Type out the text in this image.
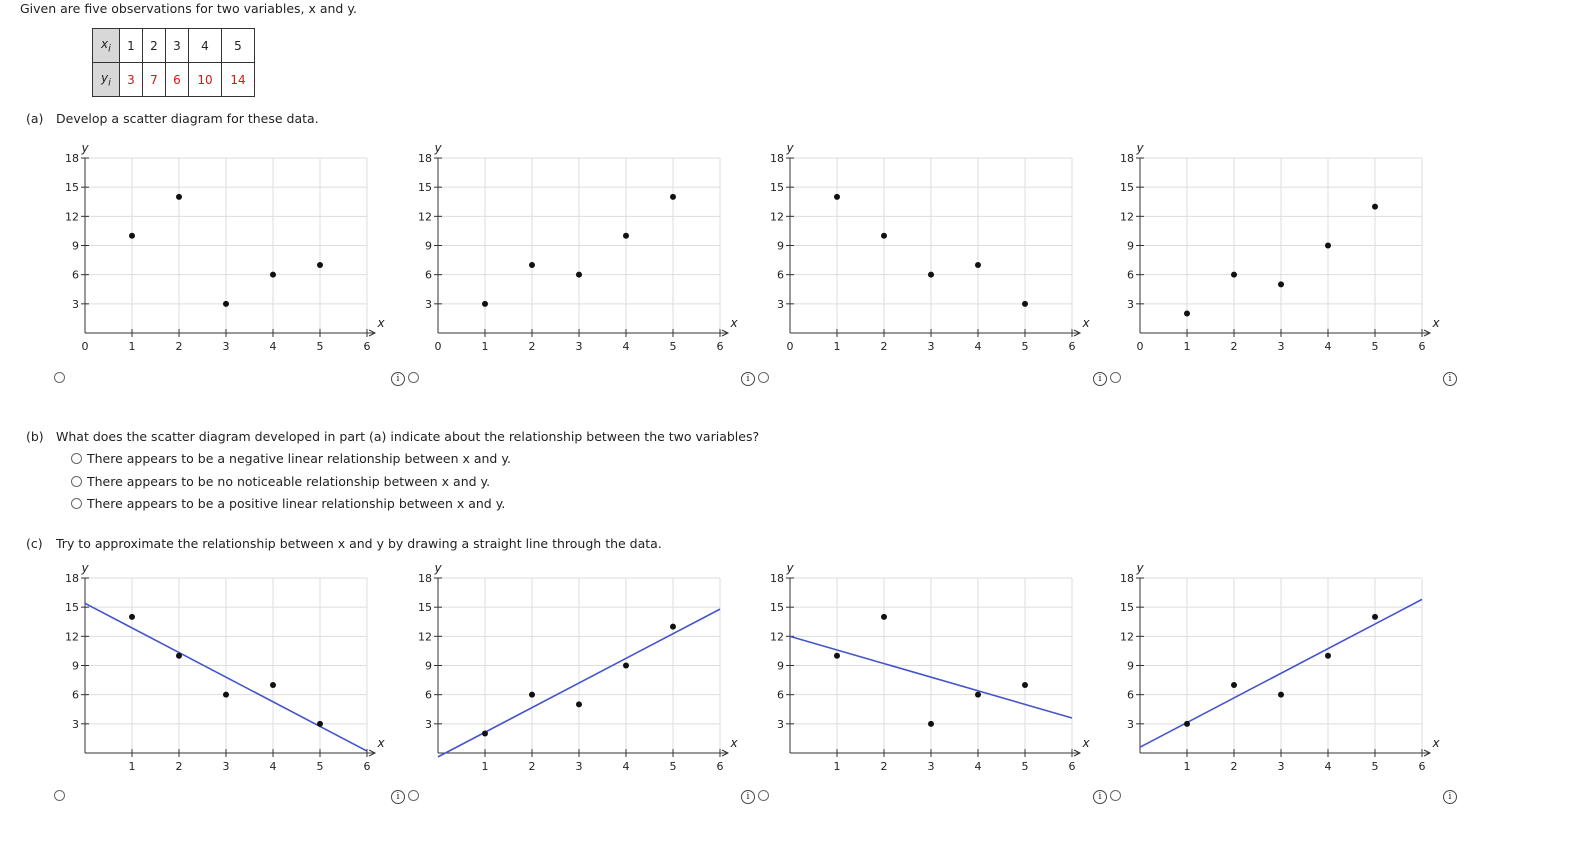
Given are five observations for two variables, x and y.
$x_i$	1	2	3	4	5
$y_i$	3	7	6	10	14
(a) Develop a scatter diagram for these data.
3
6
9
12
15
18
0	1	2	3	4	5	6
y
x
3
6
9
12
15
18
0	1	2	3	4	5	6
y
x
3
6
9
12
15
18
0	1	2	3	4	5	6
y
x
3
6
9
12
15
18
0	1	2	3	4	5	6
y
x
i	i	i	i
(b) What does the scatter diagram developed in part (a) indicate about the relationship between the two variables?
There appears to be a negative linear relationship between x and y.
There appears to be no noticeable relationship between x and y.
There appears to be a positive linear relationship between x and y.
(c) Try to approximate the relationship between x and y by drawing a straight line through the data.
3
6
9
12
15
18
1	2	3	4	5	6
y
x
3
6
9
12
15
18
1	2	3	4	5	6
y
x
3
6
9
12
15
18
1	2	3	4	5	6
y
x
3
6
9
12
15
18
1	2	3	4	5	6
y
x
i	i	i	i
